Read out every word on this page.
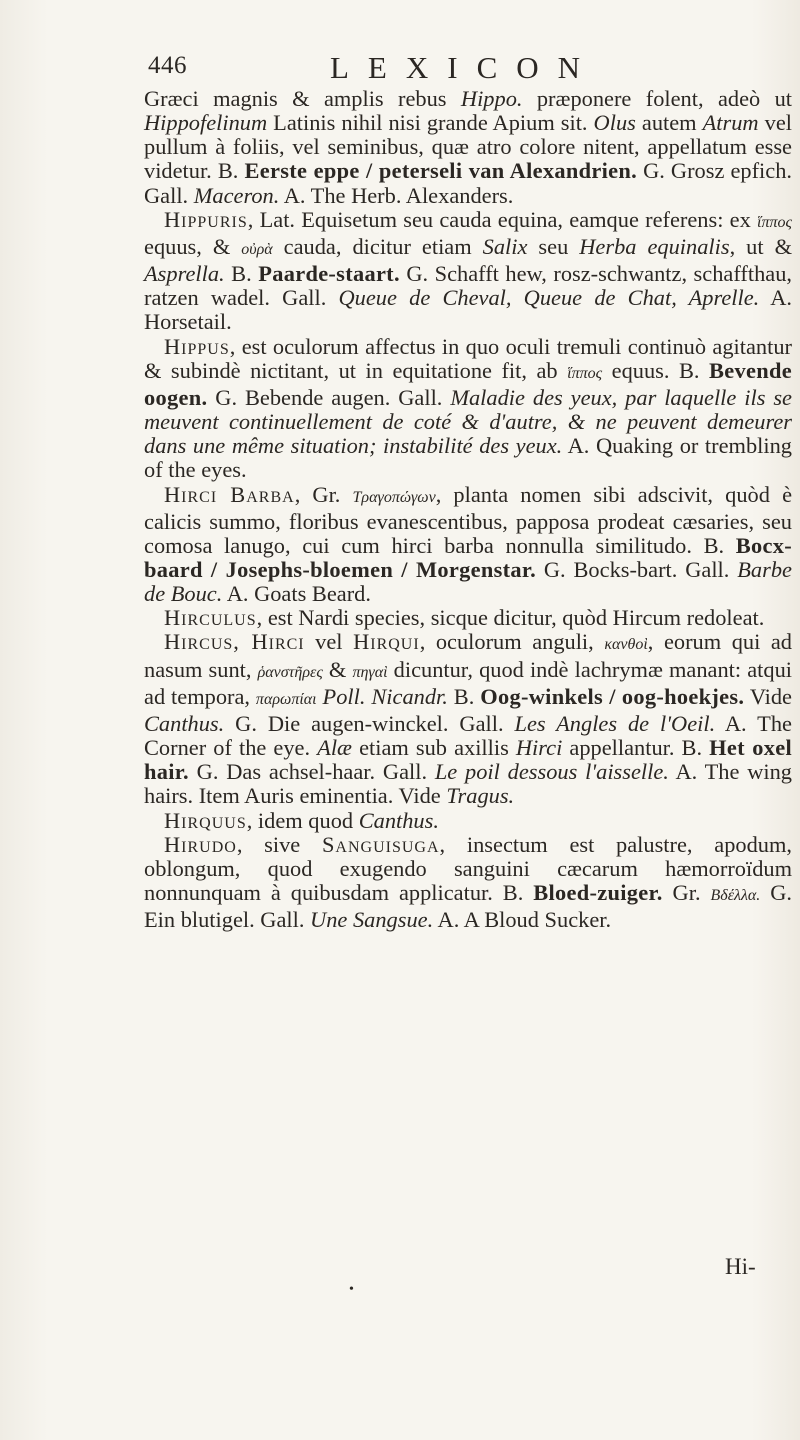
446	LEXICON

Græci magnis & amplis rebus Hippo. præponere folent, adeò ut Hippofelinum Latinis nihil nisi grande Apium sit. Olus autem Atrum vel pullum à foliis, vel seminibus, quæ atro colore nitent, appellatum esse videtur. B. Eerste eppe / peterseli van Alexandrien. G. Grosz epfich. Gall. Maceron. A. The Herb. Alexanders.

Hippuris, Lat. Equisetum seu cauda equina, eamque referens: ex ἵππος equus, & οὐρὰ cauda, dicitur etiam Salix seu Herba equinalis, ut & Asprella. B. Paarde-staart. G. Schafft hew, rosz-schwantz, schaffthau, ratzen wadel. Gall. Queue de Cheval, Queue de Chat, Aprelle. A. Horsetail.

Hippus, est oculorum affectus in quo oculi tremuli continuò agitantur & subindè nictitant, ut in equitatione fit, ab ἵππος equus. B. Bevende oogen. G. Bebende augen. Gall. Maladie des yeux, par laquelle ils se meuvent continuellement de coté & d'autre, & ne peuvent demeurer dans une même situation; instabilité des yeux. A. Quaking or trembling of the eyes.

Hirci Barba, Gr. Τραγοπώγων, planta nomen sibi adscivit, quòd è calicis summo, floribus evanescentibus, papposa prodeat cæsaries, seu comosa lanugo, cui cum hirci barba nonnulla similitudo. B. Bocx-baard / Josephs-bloemen / Morgenstar. G. Bocks-bart. Gall. Barbe de Bouc. A. Goats Beard.

Hirculus, est Nardi species, sicque dicitur, quòd Hircum redoleat.

Hircus, Hirci vel Hirqui, oculorum anguli, κανθοὶ, eorum qui ad nasum sunt, ῥανστῆρες & πηγαὶ dicuntur, quod indè lachrymæ manant: atqui ad tempora, παρωπίαι Poll. Nicandr. B. Oog-winkels / oog-hoekjes. Vide Canthus. G. Die augen-winckel. Gall. Les Angles de l'Oeil. A. The Corner of the eye. Alæ etiam sub axillis Hirci appellantur. B. Het oxel hair. G. Das achsel-haar. Gall. Le poil dessous l'aisselle. A. The wing hairs. Item Auris eminentia. Vide Tragus.

Hirquus, idem quod Canthus.

Hirudo, sive Sanguisuga, insectum est palustre, apodum, oblongum, quod exugendo sanguini cæcarum hæmorroïdum nonnunquam à quibusdam applicatur. B. Bloed-zuiger. Gr. Βδέλλα. G. Ein blutigel. Gall. Une Sangsue. A. A Bloud Sucker.

Hi-
•
